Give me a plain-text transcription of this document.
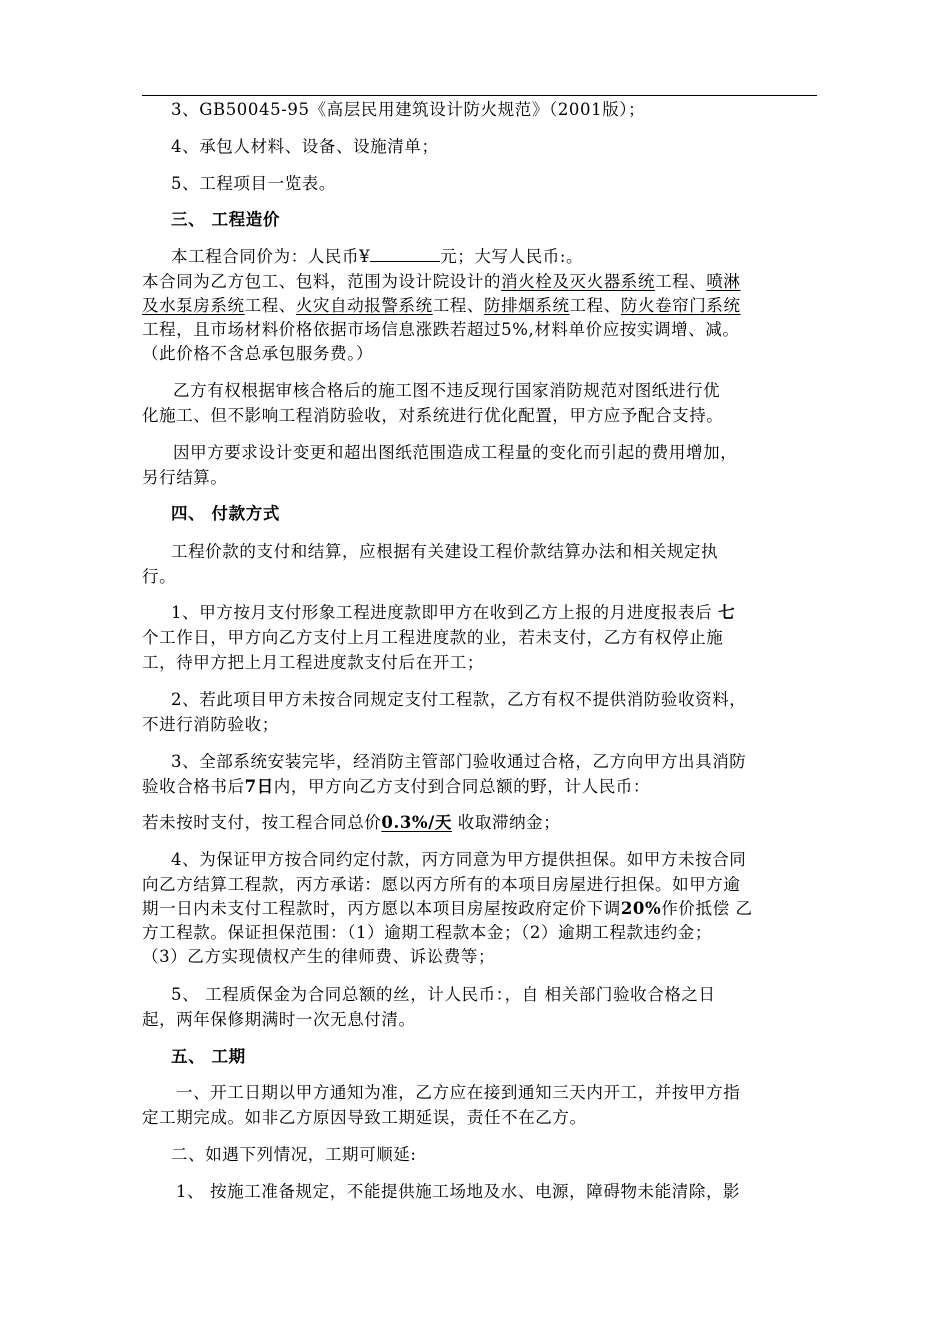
3、GB50045-95《高层民用建筑设计防火规范》（2001版）；
4、承包人材料、设备、设施清单；
5、工程项目一览表。
三、 工程造价
本工程合同价为：人民币¥	元；大写人民币:。
本合同为乙方包工、包料，范围为设计院设计的消火栓及灭火器系统工程、喷淋
及水泵房系统工程、火灾自动报警系统工程、防排烟系统工程、防火卷帘门系统
工程，且市场材料价格依据市场信息涨跌若超过5%,材料单价应按实调增、减。
（此价格不含总承包服务费。）
乙方有权根据审核合格后的施工图不违反现行国家消防规范对图纸进行优
化施工、但不影响工程消防验收，对系统进行优化配置，甲方应予配合支持。
因甲方要求设计变更和超出图纸范围造成工程量的变化而引起的费用增加，
另行结算。
四、 付款方式
工程价款的支付和结算，应根据有关建设工程价款结算办法和相关规定执
行。
1、甲方按月支付形象工程进度款即甲方在收到乙方上报的月进度报表后 七
个工作日，甲方向乙方支付上月工程进度款的业，若未支付，乙方有权停止施
工，待甲方把上月工程进度款支付后在开工；
2、若此项目甲方未按合同规定支付工程款，乙方有权不提供消防验收资料，
不进行消防验收；
3、全部系统安装完毕，经消防主管部门验收通过合格，乙方向甲方出具消防
验收合格书后7日内，甲方向乙方支付到合同总额的野，计人民币：
若未按时支付，按工程合同总价0.3%/天 收取滞纳金；
4、为保证甲方按合同约定付款，丙方同意为甲方提供担保。如甲方未按合同
向乙方结算工程款，丙方承诺：愿以丙方所有的本项目房屋进行担保。如甲方逾
期一日内未支付工程款时，丙方愿以本项目房屋按政府定价下调20%作价抵偿 乙
方工程款。保证担保范围：（1）逾期工程款本金；（2）逾期工程款违约金；
（3）乙方实现债权产生的律师费、诉讼费等；
5、 工程质保金为合同总额的丝，计人民币：，自 相关部门验收合格之日
起，两年保修期满时一次无息付清。
五、 工期
一、开工日期以甲方通知为准，乙方应在接到通知三天内开工，并按甲方指
定工期完成。如非乙方原因导致工期延误，责任不在乙方。
二、如遇下列情况，工期可顺延:
1、 按施工准备规定，不能提供施工场地及水、电源，障碍物未能清除，影
